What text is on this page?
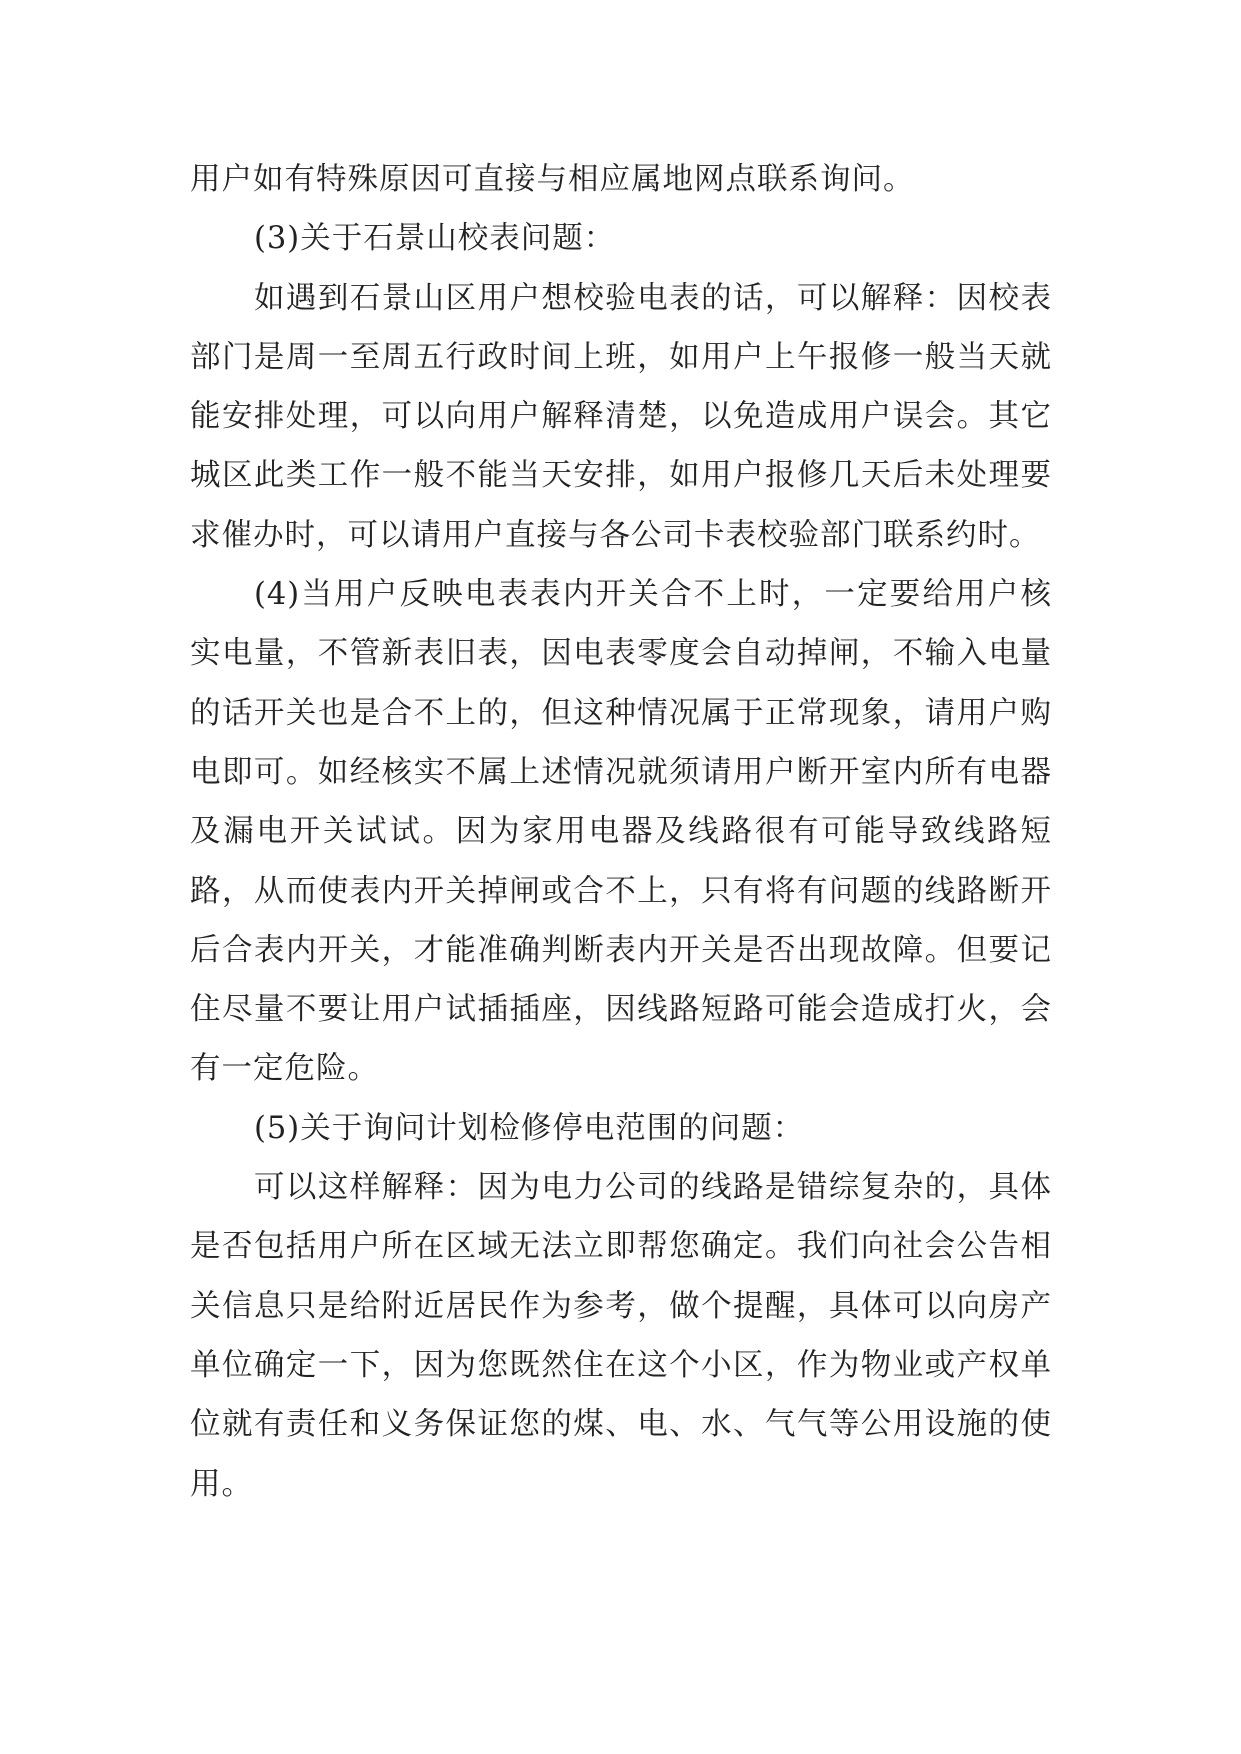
用户如有特殊原因可直接与相应属地网点联系询问。

(3)关于石景山校表问题：

如遇到石景山区用户想校验电表的话，可以解释：因校表部门是周一至周五行政时间上班，如用户上午报修一般当天就能安排处理，可以向用户解释清楚，以免造成用户误会。其它城区此类工作一般不能当天安排，如用户报修几天后未处理要求催办时，可以请用户直接与各公司卡表校验部门联系约时。

(4)当用户反映电表表内开关合不上时，一定要给用户核实电量，不管新表旧表，因电表零度会自动掉闸，不输入电量的话开关也是合不上的，但这种情况属于正常现象，请用户购电即可。如经核实不属上述情况就须请用户断开室内所有电器及漏电开关试试。因为家用电器及线路很有可能导致线路短路，从而使表内开关掉闸或合不上，只有将有问题的线路断开后合表内开关，才能准确判断表内开关是否出现故障。但要记住尽量不要让用户试插插座，因线路短路可能会造成打火，会有一定危险。

(5)关于询问计划检修停电范围的问题：

可以这样解释：因为电力公司的线路是错综复杂的，具体是否包括用户所在区域无法立即帮您确定。我们向社会公告相关信息只是给附近居民作为参考，做个提醒，具体可以向房产单位确定一下，因为您既然住在这个小区，作为物业或产权单位就有责任和义务保证您的煤、电、水、气气等公用设施的使用。
